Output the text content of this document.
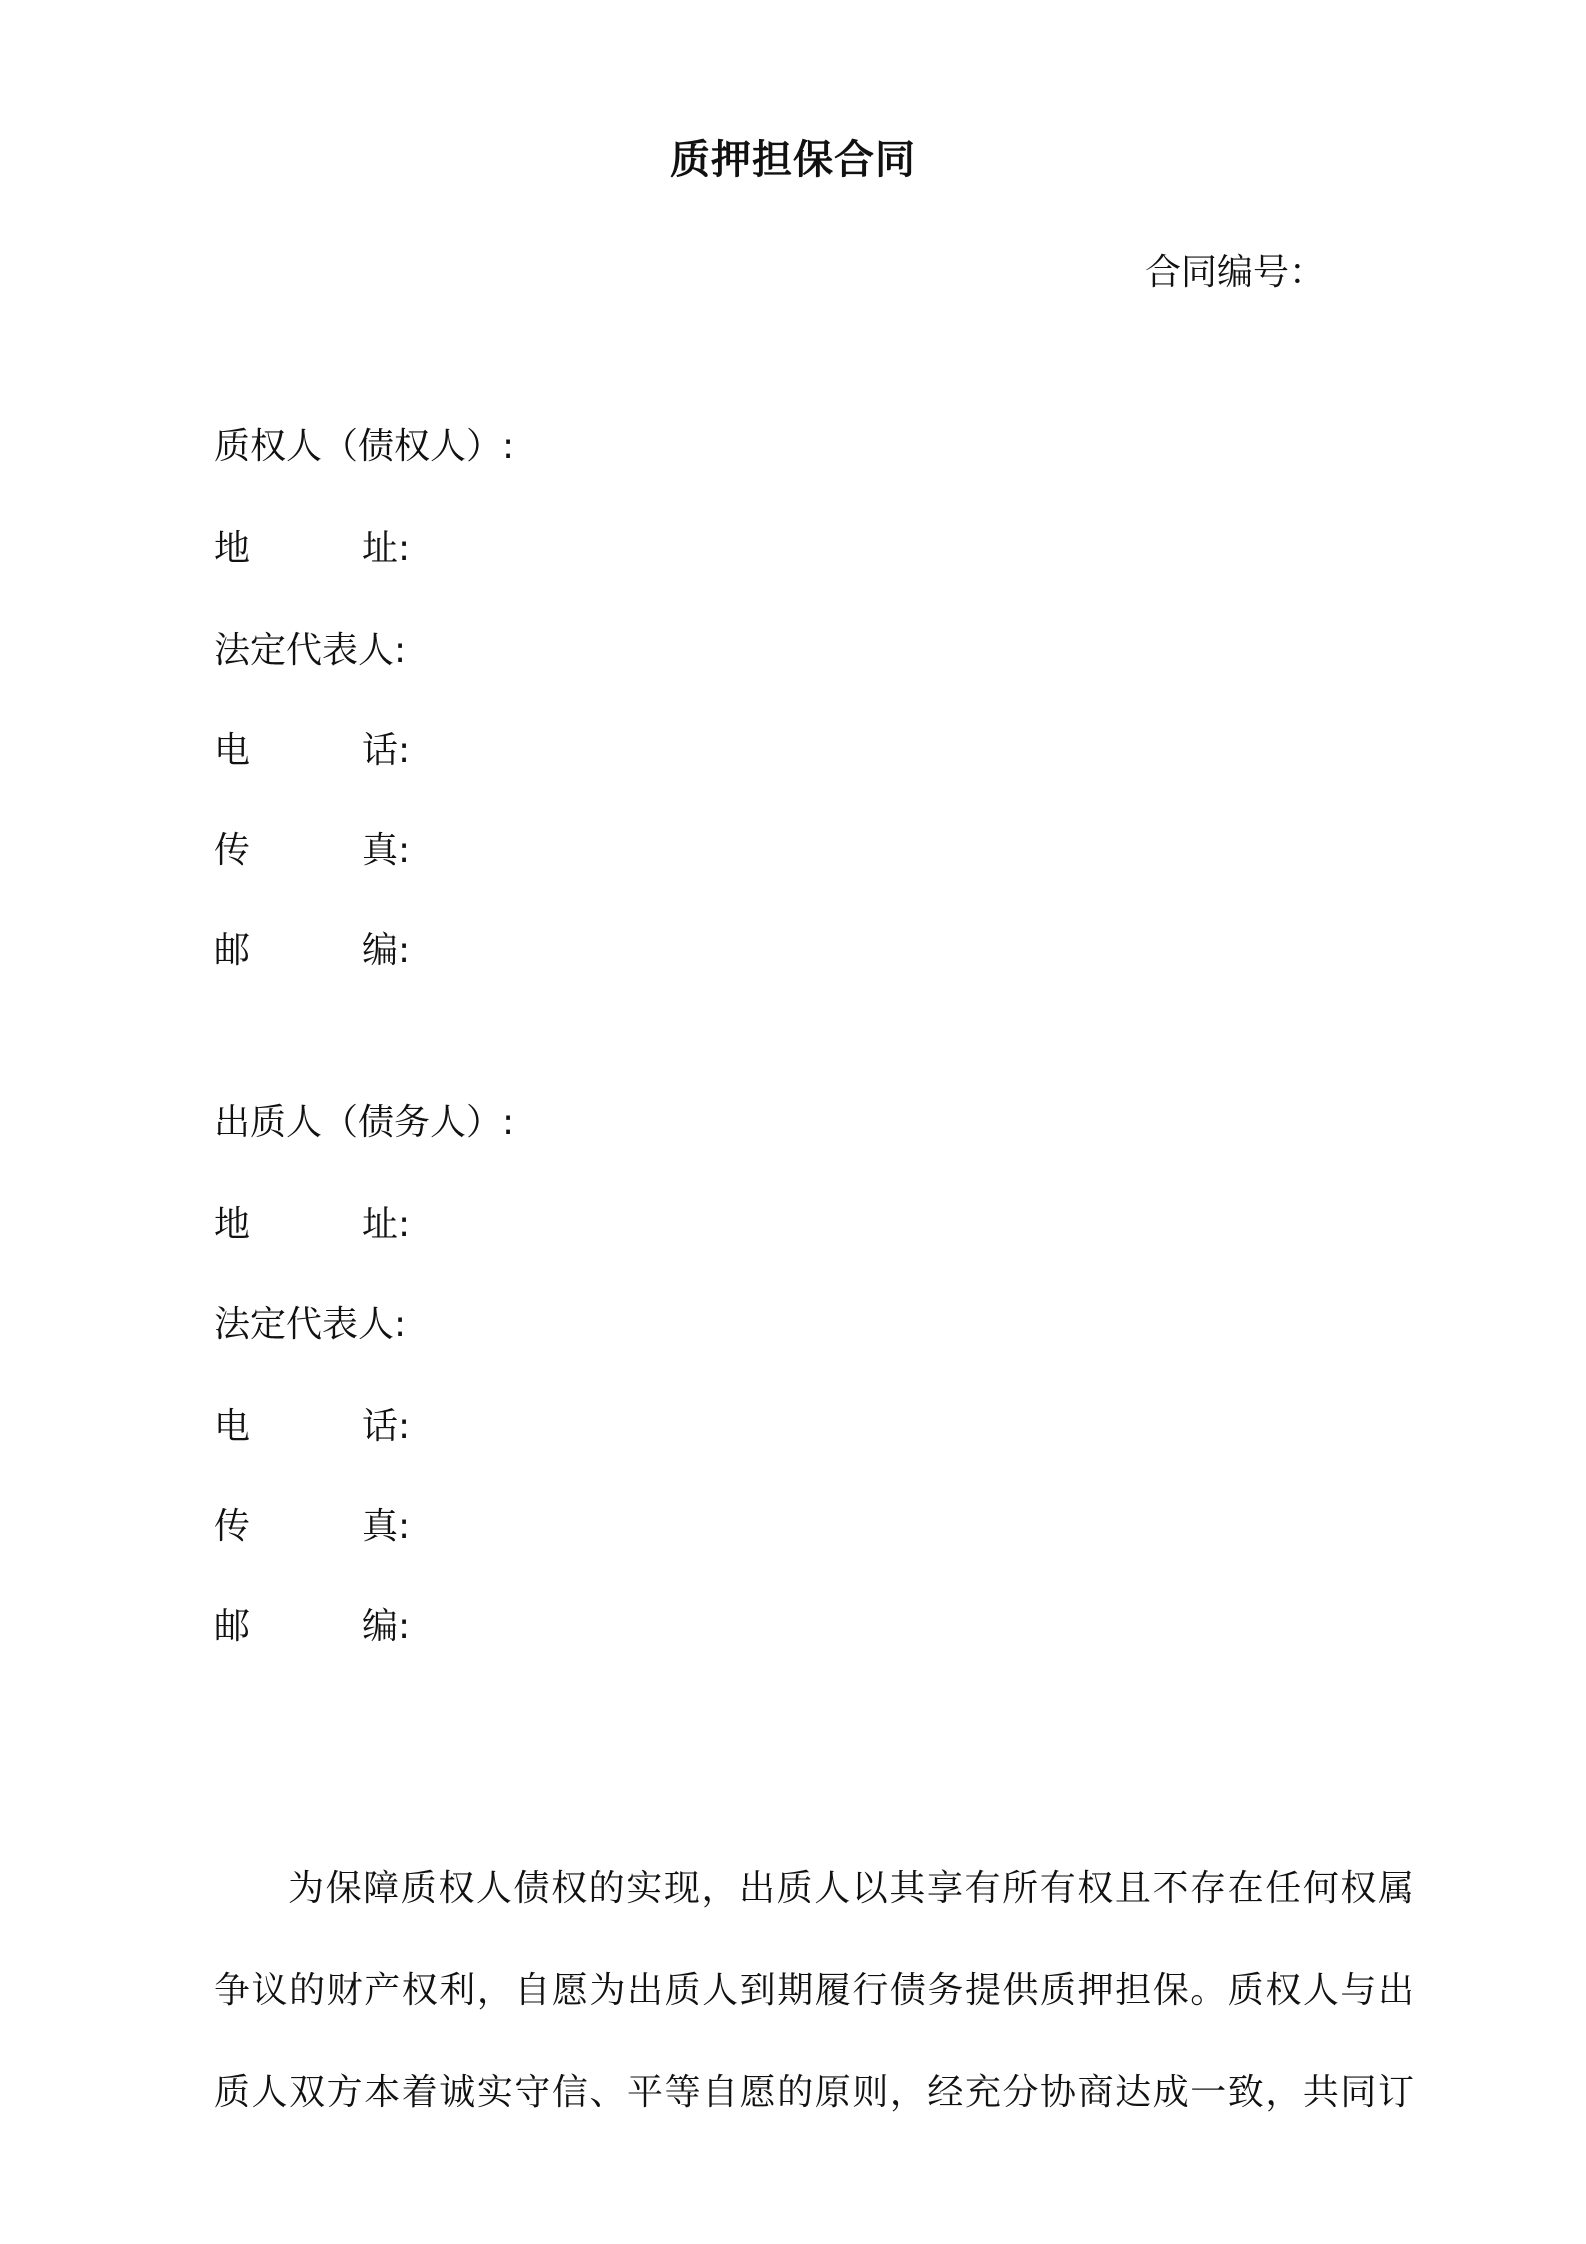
质押担保合同
合同编号：
质权人（债权人）:
地	址:
法定代表人:
电	话:
传	真:
邮	编:
出质人（债务人）:
地	址:
法定代表人:
电	话:
传	真:
邮	编:
为保障质权人债权的实现，出质人以其享有所有权且不存在任何权属
争议的财产权利，自愿为出质人到期履行债务提供质押担保。质权人与出
质人双方本着诚实守信、平等自愿的原则，经充分协商达成一致，共同订
